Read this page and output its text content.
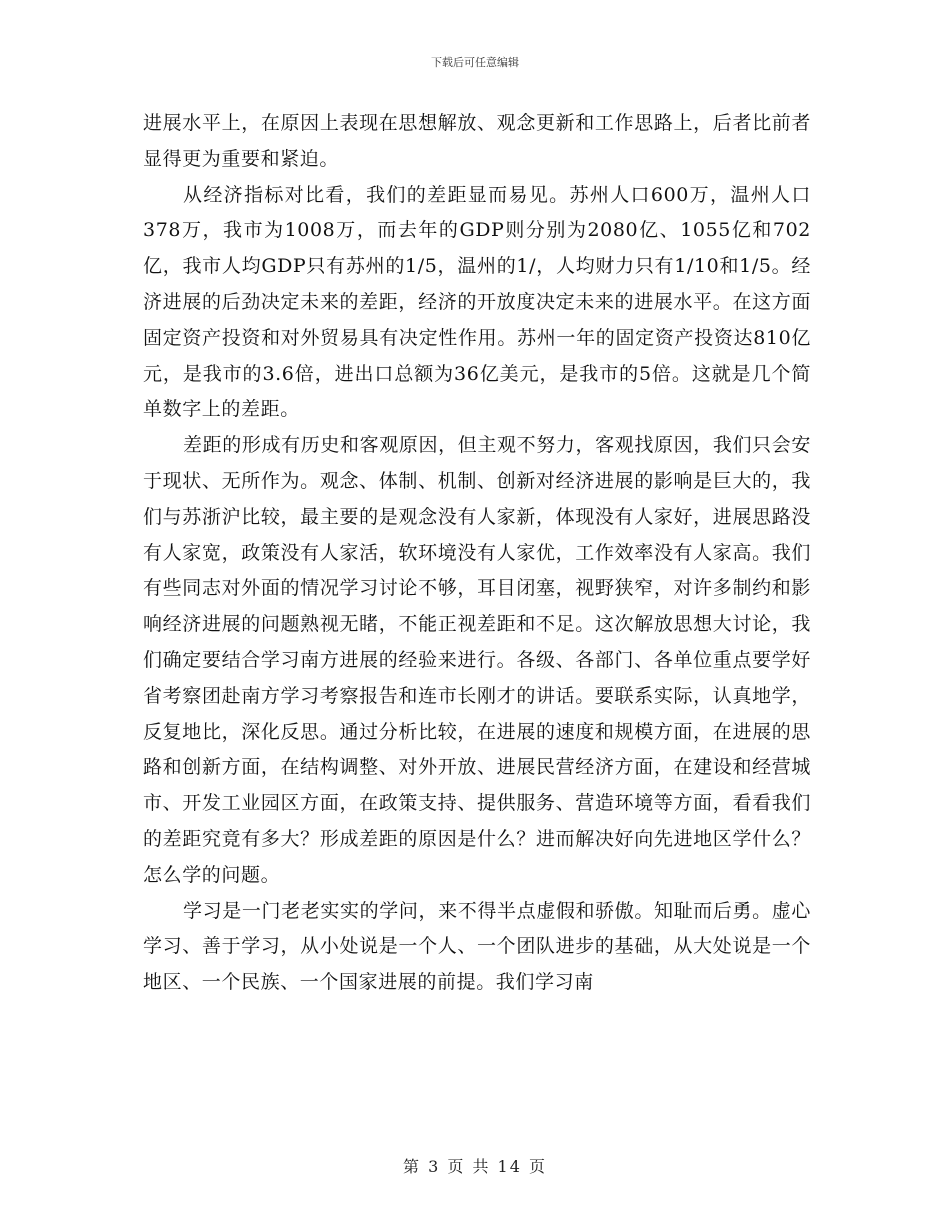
下载后可任意编辑

进展水平上，在原因上表现在思想解放、观念更新和工作思路上，后者比前者显得更为重要和紧迫。

从经济指标对比看，我们的差距显而易见。苏州人口600万，温州人口378万，我市为1008万，而去年的GDP则分别为2080亿、1055亿和702亿，我市人均GDP只有苏州的1/5，温州的1/，人均财力只有1/10和1/5。经济进展的后劲决定未来的差距，经济的开放度决定未来的进展水平。在这方面固定资产投资和对外贸易具有决定性作用。苏州一年的固定资产投资达810亿元，是我市的3.6倍，进出口总额为36亿美元，是我市的5倍。这就是几个简单数字上的差距。

差距的形成有历史和客观原因，但主观不努力，客观找原因，我们只会安于现状、无所作为。观念、体制、机制、创新对经济进展的影响是巨大的，我们与苏浙沪比较，最主要的是观念没有人家新，体现没有人家好，进展思路没有人家宽，政策没有人家活，软环境没有人家优，工作效率没有人家高。我们有些同志对外面的情况学习讨论不够，耳目闭塞，视野狭窄，对许多制约和影响经济进展的问题熟视无睹，不能正视差距和不足。这次解放思想大讨论，我们确定要结合学习南方进展的经验来进行。各级、各部门、各单位重点要学好省考察团赴南方学习考察报告和连市长刚才的讲话。要联系实际，认真地学，反复地比，深化反思。通过分析比较，在进展的速度和规模方面，在进展的思路和创新方面，在结构调整、对外开放、进展民营经济方面，在建设和经营城市、开发工业园区方面，在政策支持、提供服务、营造环境等方面，看看我们的差距究竟有多大？形成差距的原因是什么？进而解决好向先进地区学什么？怎么学的问题。

学习是一门老老实实的学问，来不得半点虚假和骄傲。知耻而后勇。虚心学习、善于学习，从小处说是一个人、一个团队进步的基础，从大处说是一个地区、一个民族、一个国家进展的前提。我们学习南

第 3 页 共 14 页
